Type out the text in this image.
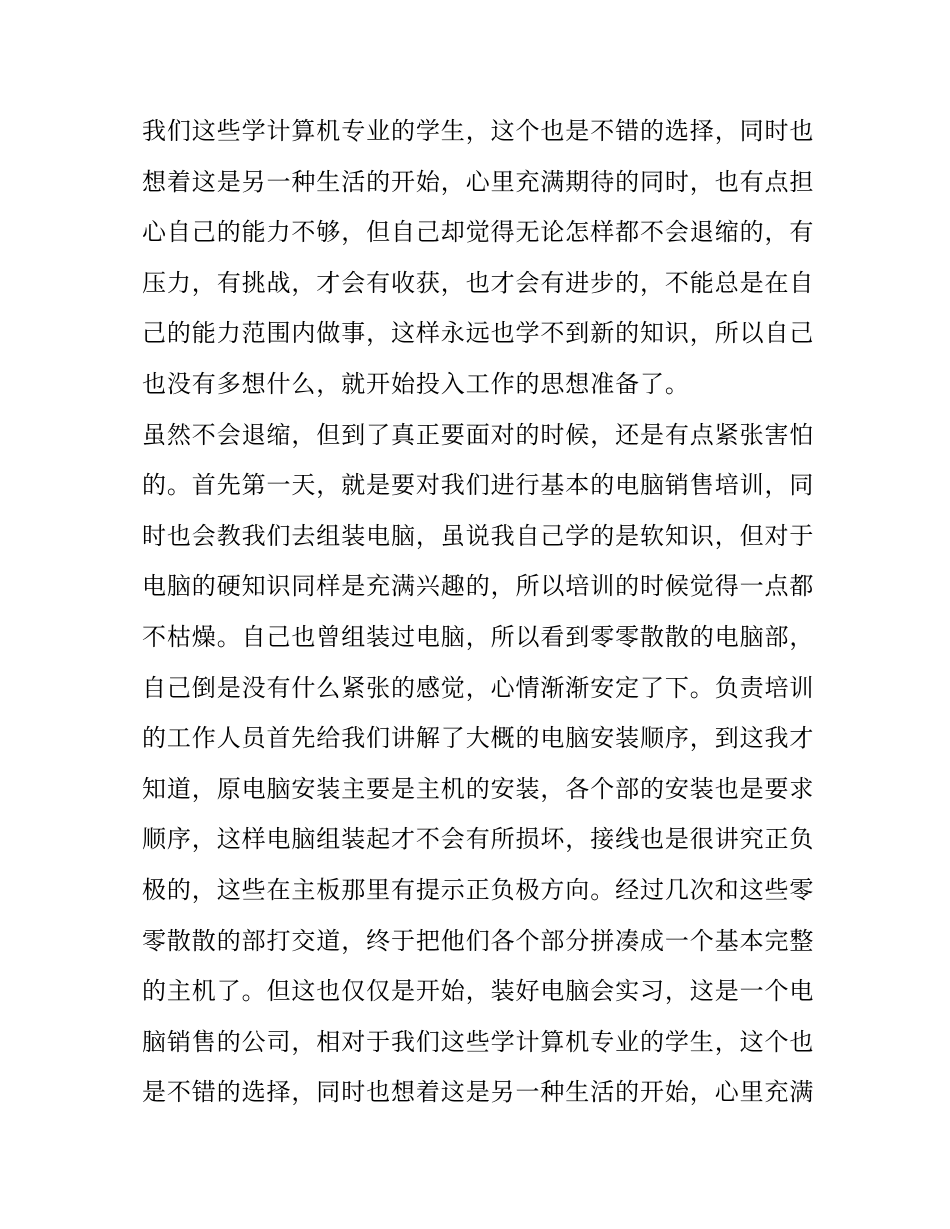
我们这些学计算机专业的学生，这个也是不错的选择，同时也
想着这是另一种生活的开始，心里充满期待的同时，也有点担
心自己的能力不够，但自己却觉得无论怎样都不会退缩的，有
压力，有挑战，才会有收获，也才会有进步的，不能总是在自
己的能力范围内做事，这样永远也学不到新的知识，所以自己
也没有多想什么，就开始投入工作的思想准备了。
虽然不会退缩，但到了真正要面对的时候，还是有点紧张害怕
的。首先第一天，就是要对我们进行基本的电脑销售培训，同
时也会教我们去组装电脑，虽说我自己学的是软知识，但对于
电脑的硬知识同样是充满兴趣的，所以培训的时候觉得一点都
不枯燥。自己也曾组装过电脑，所以看到零零散散的电脑部，
自己倒是没有什么紧张的感觉，心情渐渐安定了下。负责培训
的工作人员首先给我们讲解了大概的电脑安装顺序，到这我才
知道，原电脑安装主要是主机的安装，各个部的安装也是要求
顺序，这样电脑组装起才不会有所损坏，接线也是很讲究正负
极的，这些在主板那里有提示正负极方向。经过几次和这些零
零散散的部打交道，终于把他们各个部分拼凑成一个基本完整
的主机了。但这也仅仅是开始，装好电脑会实习，这是一个电
脑销售的公司，相对于我们这些学计算机专业的学生，这个也
是不错的选择，同时也想着这是另一种生活的开始，心里充满
